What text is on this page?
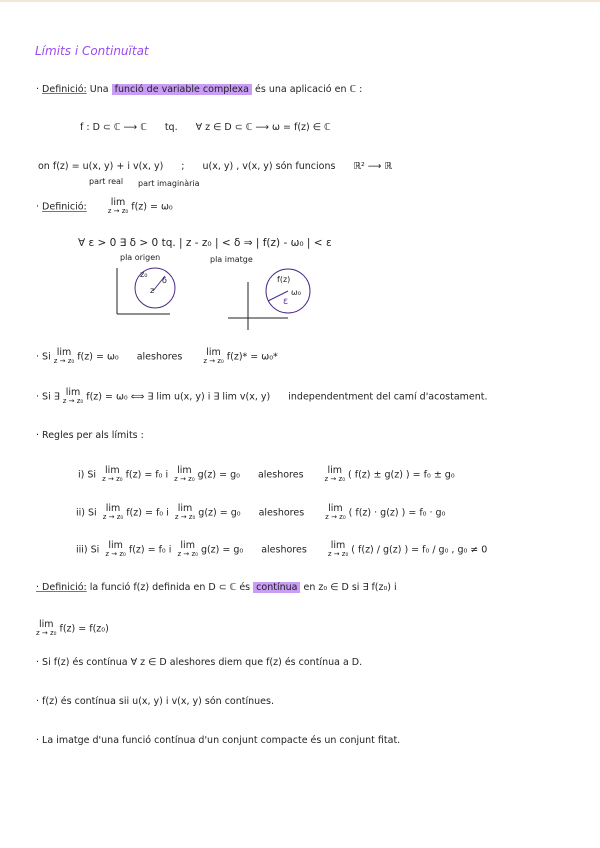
Límits i Continuïtat
· Definició: Una funció de variable complexa és una aplicació en ℂ :
f : D ⊂ ℂ ⟶ ℂ tq. ∀ z ∈ D ⊂ ℂ ⟶ ω = f(z) ∈ ℂ
on f(z) = u(x, y) + i v(x, y) ; u(x, y) , v(x, y) són funcions ℝ² ⟶ ℝ
part real part imaginària
· Definició:	lim
z → z₀ f(z) = ω₀
∀ ε > 0 ∃ δ > 0 tq. | z - z₀ | < δ ⇒ | f(z) - ω₀ | < ε
pla origen	pla imatge
z₀
z
δ	f(z)
ω₀
ε
· Si lim
z → z₀ f(z) = ω₀ aleshores	lim
z → z₀ f(z)* = ω₀*
· Si ∃ lim
z → z₀ f(z) = ω₀ ⟺ ∃ lim u(x, y) i ∃ lim v(x, y) independentment del camí d'acostament.
· Regles per als límits :
i) Si lim
z → z₀ f(z) = f₀ i lim
z → z₀ g(z) = g₀ aleshores	lim
z → z₀ ( f(z) ± g(z) ) = f₀ ± g₀
ii) Si lim
z → z₀ f(z) = f₀ i lim
z → z₀ g(z) = g₀ aleshores	lim
z → z₀ ( f(z) · g(z) ) = f₀ · g₀
iii) Si lim
z → z₀ f(z) = f₀ i lim
z → z₀ g(z) = g₀ aleshores	lim
z → z₀ ( f(z) / g(z) ) = f₀ / g₀ , g₀ ≠ 0
· Definició: la funció f(z) definida en D ⊂ ℂ és contínua en z₀ ∈ D si ∃ f(z₀) i
lim
z → z₀ f(z) = f(z₀)
· Si f(z) és contínua ∀ z ∈ D aleshores diem que f(z) és contínua a D.
· f(z) és contínua sii u(x, y) i v(x, y) són contínues.
· La imatge d'una funció contínua d'un conjunt compacte és un conjunt fitat.
